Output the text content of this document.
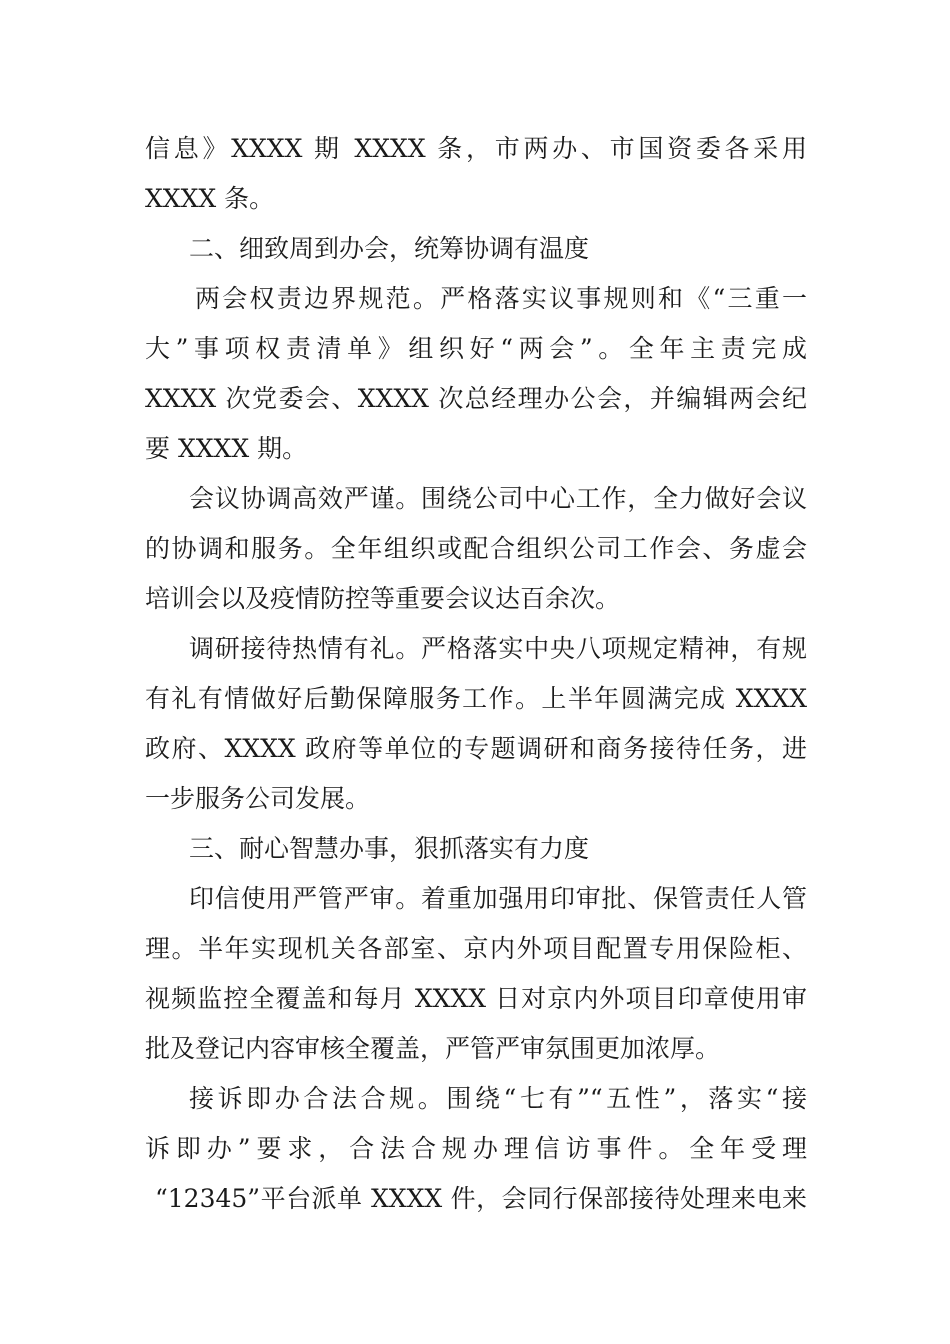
信息》XXXX 期 XXXX 条，市两办、市国资委各采用
XXXX 条。
二、细致周到办会，统筹协调有温度
两会权责边界规范。严格落实议事规则和《“三重一
大”事项权责清单》组织好“两会”。全年主责完成
XXXX 次党委会、XXXX 次总经理办公会，并编辑两会纪
要 XXXX 期。
会议协调高效严谨。围绕公司中心工作，全力做好会议
的协调和服务。全年组织或配合组织公司工作会、务虚会
培训会以及疫情防控等重要会议达百余次。
调研接待热情有礼。严格落实中央八项规定精神，有规
有礼有情做好后勤保障服务工作。上半年圆满完成 XXXX
政府、XXXX 政府等单位的专题调研和商务接待任务，进
一步服务公司发展。
三、耐心智慧办事，狠抓落实有力度
印信使用严管严审。着重加强用印审批、保管责任人管
理。半年实现机关各部室、京内外项目配置专用保险柜、
视频监控全覆盖和每月 XXXX 日对京内外项目印章使用审
批及登记内容审核全覆盖，严管严审氛围更加浓厚。
接诉即办合法合规。围绕“七有”“五性”，落实“接
诉即办”要求，合法合规办理信访事件。全年受理
“12345”平台派单 XXXX 件，会同行保部接待处理来电来
